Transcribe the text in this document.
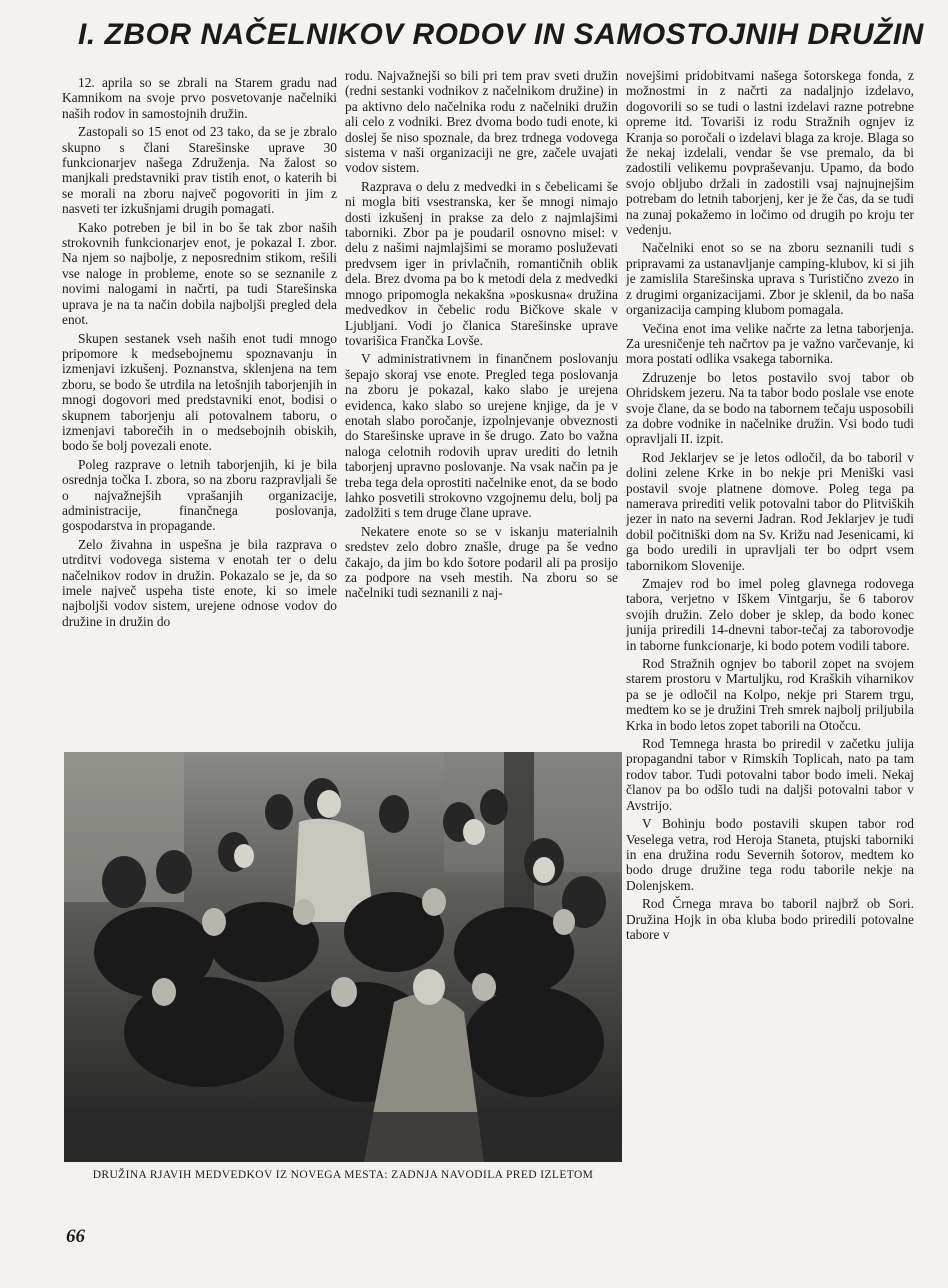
I. ZBOR NAČELNIKOV RODOV IN SAMOSTOJNIH DRUŽIN

12. aprila so se zbrali na Starem gradu nad Kamnikom na svoje prvo posvetovanje načelniki naših rodov in samostojnih družin.

Zastopali so 15 enot od 23 tako, da se je zbralo skupno s člani Starešinske uprave 30 funkcionarjev našega Združenja. Na žalost so manjkali predstavniki prav tistih enot, o katerih bi se morali na zboru največ pogovoriti in jim z nasveti ter izkušnjami drugih pomagati.

Kako potreben je bil in bo še tak zbor naših strokovnih funkcionarjev enot, je pokazal I. zbor. Na njem so najbolje, z neposrednim stikom, rešili vse naloge in probleme, enote so se seznanile z novimi nalogami in načrti, pa tudi Starešinska uprava je na ta način dobila najboljši pregled dela enot.

Skupen sestanek vseh naših enot tudi mnogo pripomore k medsebojnemu spoznavanju in izmenjavi izkušenj. Poznanstva, sklenjena na tem zboru, se bodo še utrdila na letošnjih taborjenjih in mnogi dogovori med predstavniki enot, bodisi o skupnem taborjenju ali potovalnem taboru, o izmenjavi taborečih in o medsebojnih obiskih, bodo še bolj povezali enote.

Poleg razprave o letnih taborjenjih, ki je bila osrednja točka I. zbora, so na zboru razpravljali še o najvažnejših vprašanjih organizacije, administracije, finančnega poslovanja, gospodarstva in propagande.

Zelo živahna in uspešna je bila razprava o utrditvi vodovega sistema v enotah ter o delu načelnikov rodov in družin. Pokazalo se je, da so imele največ uspeha tiste enote, ki so imele najboljši vodov sistem, urejene odnose vodov do družine in družin do

rodu. Najvažnejši so bili pri tem prav sveti družin (redni sestanki vodnikov z načelnikom družine) in pa aktivno delo načelnika rodu z načelniki družin ali celo z vodniki. Brez dvoma bodo tudi enote, ki doslej še niso spoznale, da brez trdnega vodovega sistema v naši organizaciji ne gre, začele uvajati vodov sistem.

Razprava o delu z medvedki in s čebelicami še ni mogla biti vsestranska, ker še mnogi nimajo dosti izkušenj in prakse za delo z najmlajšimi taborniki. Zbor pa je poudaril osnovno misel: v delu z našimi najmlajšimi se moramo posluževati predvsem iger in privlačnih, romantičnih oblik dela. Brez dvoma pa bo k metodi dela z medvedki mnogo pripomogla nekakšna »poskusna« družina medvedkov in čebelic rodu Bičkove skale v Ljubljani. Vodi jo članica Starešinske uprave tovarišica Frančka Lovše.

V administrativnem in finančnem poslovanju šepajo skoraj vse enote. Pregled tega poslovanja na zboru je pokazal, kako slabo je urejena evidenca, kako slabo so urejene knjige, da je v enotah slabo poročanje, izpolnjevanje obveznosti do Starešinske uprave in še drugo. Zato bo važna naloga celotnih rodovih uprav urediti do letnih taborjenj upravno poslovanje. Na vsak način pa je treba tega dela oprostiti načelnike enot, da se bodo lahko posvetili strokovno vzgojnemu delu, bolj pa zadolžiti s tem druge člane uprave.

Nekatere enote so se v iskanju materialnih sredstev zelo dobro znašle, druge pa še vedno čakajo, da jim bo kdo šotore podaril ali pa prosijo za podpore na vseh mestih. Na zboru so se načelniki tudi seznanili z naj-

novejšimi pridobitvami našega šotorskega fonda, z možnostmi in z načrti za nadaljnjo izdelavo, dogovorili so se tudi o lastni izdelavi razne potrebne opreme itd. Tovariši iz rodu Stražnih ognjev iz Kranja so poročali o izdelavi blaga za kroje. Blaga so že nekaj izdelali, vendar še vse premalo, da bi zadostili velikemu povpraševanju. Upamo, da bodo svojo obljubo držali in zadostili vsaj najnujnejšim potrebam do letnih taborjenj, ker je že čas, da se tudi na zunaj pokažemo in ločimo od drugih po kroju ter vedenju.

Načelniki enot so se na zboru seznanili tudi s pripravami za ustanavljanje camping-klubov, ki si jih je zamislila Starešinska uprava s Turistično zvezo in z drugimi organizacijami. Zbor je sklenil, da bo naša organizacija camping klubom pomagala.

Večina enot ima velike načrte za letna taborjenja. Za uresničenje teh načrtov pa je važno varčevanje, ki mora postati odlika vsakega tabornika.

Zdruzenje bo letos postavilo svoj tabor ob Ohridskem jezeru. Na ta tabor bodo poslale vse enote svoje člane, da se bodo na tabornem tečaju usposobili za dobre vodnike in načelnike družin. Vsi bodo tudi opravljali II. izpit.

Rod Jeklarjev se je letos odločil, da bo taboril v dolini zelene Krke in bo nekje pri Meniški vasi postavil svoje platnene domove. Poleg tega pa namerava prirediti velik potovalni tabor do Plitviških jezer in nato na severni Jadran. Rod Jeklarjev je tudi dobil počitniški dom na Sv. Križu nad Jesenicami, ki ga bodo uredili in upravljali ter bo odprt vsem tabornikom Slovenije.

Zmajev rod bo imel poleg glavnega rodovega tabora, verjetno v Iškem Vintgarju, še 6 taborov svojih družin. Zelo dober je sklep, da bodo konec junija priredili 14-dnevni tabor-tečaj za taborovodje in taborne funkcionarje, ki bodo potem vodili tabore.

Rod Stražnih ognjev bo taboril zopet na svojem starem prostoru v Martuljku, rod Kraških viharnikov pa se je odločil na Kolpo, nekje pri Starem trgu, medtem ko se je družini Treh smrek najbolj priljubila Krka in bodo letos zopet taborili na Otočcu.

Rod Temnega hrasta bo priredil v začetku julija propagandni tabor v Rimskih Toplicah, nato pa tam rodov tabor. Tudi potovalni tabor bodo imeli. Nekaj članov pa bo odšlo tudi na daljši potovalni tabor v Avstrijo.

V Bohinju bodo postavili skupen tabor rod Veselega vetra, rod Heroja Staneta, ptujski taborniki in ena družina rodu Severnih šotorov, medtem ko bodo druge družine tega rodu taborile nekje na Dolenjskem.

Rod Črnega mrava bo taboril najbrž ob Sori. Družina Hojk in oba kluba bodo priredili potovalne tabore v

DRUŽINA RJAVIH MEDVEDKOV IZ NOVEGA MESTA: ZADNJA NAVODILA PRED IZLETOM
66
